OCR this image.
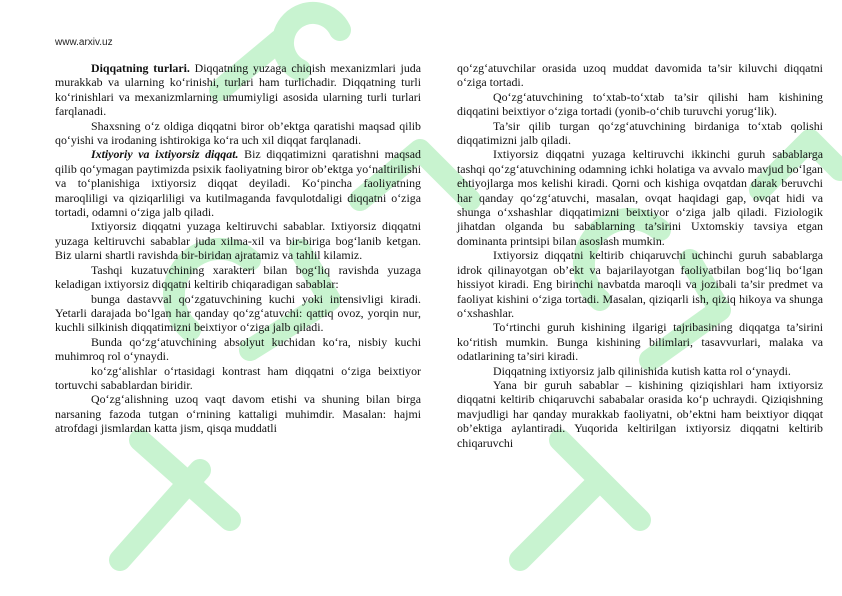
www.arxiv.uz

Diqqatning turlari. Diqqatning yuzaga chiqish mexanizmlari juda murakkab va ularning ko‘rinishi, turlari ham turlichadir. Diqqatning turli ko‘rinishlari va mexanizmlarning umumiyligi asosida ularning turli turlari farqlanadi.

Shaxsning o‘z oldiga diqqatni biror ob’ektga qaratishi maqsad qilib qo‘yishi va irodaning ishtirokiga ko‘ra uch xil diqqat farqlanadi.

Ixtiyoriy va ixtiyorsiz diqqat. Biz diqqatimizni qaratishni maqsad qilib qo‘ymagan paytimizda psixik faoliyatning biror ob’ektga yo‘naltirilishi va to‘planishiga ixtiyorsiz diqqat deyiladi. Ko‘pincha faoliyatning maroqliligi va qiziqarliligi va kutilmaganda favqulotdaligi diqqatni o‘ziga tortadi, odamni o‘ziga jalb qiladi.

Ixtiyorsiz diqqatni yuzaga keltiruvchi sabablar. Ixtiyorsiz diqqatni yuzaga keltiruvchi sabablar juda xilma-xil va bir-biriga bog‘lanib ketgan. Biz ularni shartli ravishda bir-biridan ajratamiz va tahlil kilamiz.

Tashqi kuzatuvchining xarakteri bilan bog‘liq ravishda yuzaga keladigan ixtiyorsiz diqqatni keltirib chiqaradigan sabablar:

bunga dastavval qo‘zgatuvchining kuchi yoki intensivligi kiradi. Yetarli darajada bo‘lgan har qanday qo‘zg‘atuvchi: qattiq ovoz, yorqin nur, kuchli silkinish diqqatimizni beixtiyor o‘ziga jalb qiladi.

Bunda qo‘zg‘atuvchining absolyut kuchidan ko‘ra, nisbiy kuchi muhimroq rol o‘ynaydi.

ko‘zg‘alishlar o‘rtasidagi kontrast ham diqqatni o‘ziga beixtiyor tortuvchi sabablardan biridir.

Qo‘zg‘alishning uzoq vaqt davom etishi va shuning bilan birga narsaning fazoda tutgan o‘rnining kattaligi muhimdir. Masalan: hajmi atrofdagi jismlardan katta jism, qisqa muddatli

qo‘zg‘atuvchilar orasida uzoq muddat davomida ta’sir kiluvchi diqqatni o‘ziga tortadi.

Qo‘zg‘atuvchining to‘xtab-to‘xtab ta’sir qilishi ham kishining diqqatini beixtiyor o‘ziga tortadi (yonib-o‘chib turuvchi yorug‘lik).

Ta’sir qilib turgan qo‘zg‘atuvchining birdaniga to‘xtab qolishi diqqatimizni jalb qiladi.

Ixtiyorsiz diqqatni yuzaga keltiruvchi ikkinchi guruh sabablarga tashqi qo‘zg‘atuvchining odamning ichki holatiga va avvalo mavjud bo‘lgan ehtiyojlarga mos kelishi kiradi. Qorni och kishiga ovqatdan darak beruvchi har qanday qo‘zg‘atuvchi, masalan, ovqat haqidagi gap, ovqat hidi va shunga o‘xshashlar diqqatimizni beixtiyor o‘ziga jalb qiladi. Fiziologik jihatdan olganda bu sabablarning ta’sirini Uxtomskiy tavsiya etgan dominanta printsipi bilan asoslash mumkin.

Ixtiyorsiz diqqatni keltirib chiqaruvchi uchinchi guruh sabablarga idrok qilinayotgan ob’ekt va bajarilayotgan faoliyatbilan bog‘liq bo‘lgan hissiyot kiradi. Eng birinchi navbatda maroqli va jozibali ta’sir predmet va faoliyat kishini o‘ziga tortadi. Masalan, qiziqarli ish, qiziq hikoya va shunga o‘xshashlar.

To‘rtinchi guruh kishining ilgarigi tajribasining diqqatga ta’sirini ko‘ritish mumkin. Bunga kishining bilimlari, tasavvurlari, malaka va odatlarining ta’siri kiradi.

Diqqatning ixtiyorsiz jalb qilinishida kutish katta rol o‘ynaydi.

Yana bir guruh sabablar – kishining qiziqishlari ham ixtiyorsiz diqqatni keltirib chiqaruvchi sababalar orasida ko‘p uchraydi. Qiziqishning mavjudligi har qanday murakkab faoliyatni, ob’ektni ham beixtiyor diqqat ob’ektiga aylantiradi. Yuqorida keltirilgan ixtiyorsiz diqqatni keltirib chiqaruvchi
